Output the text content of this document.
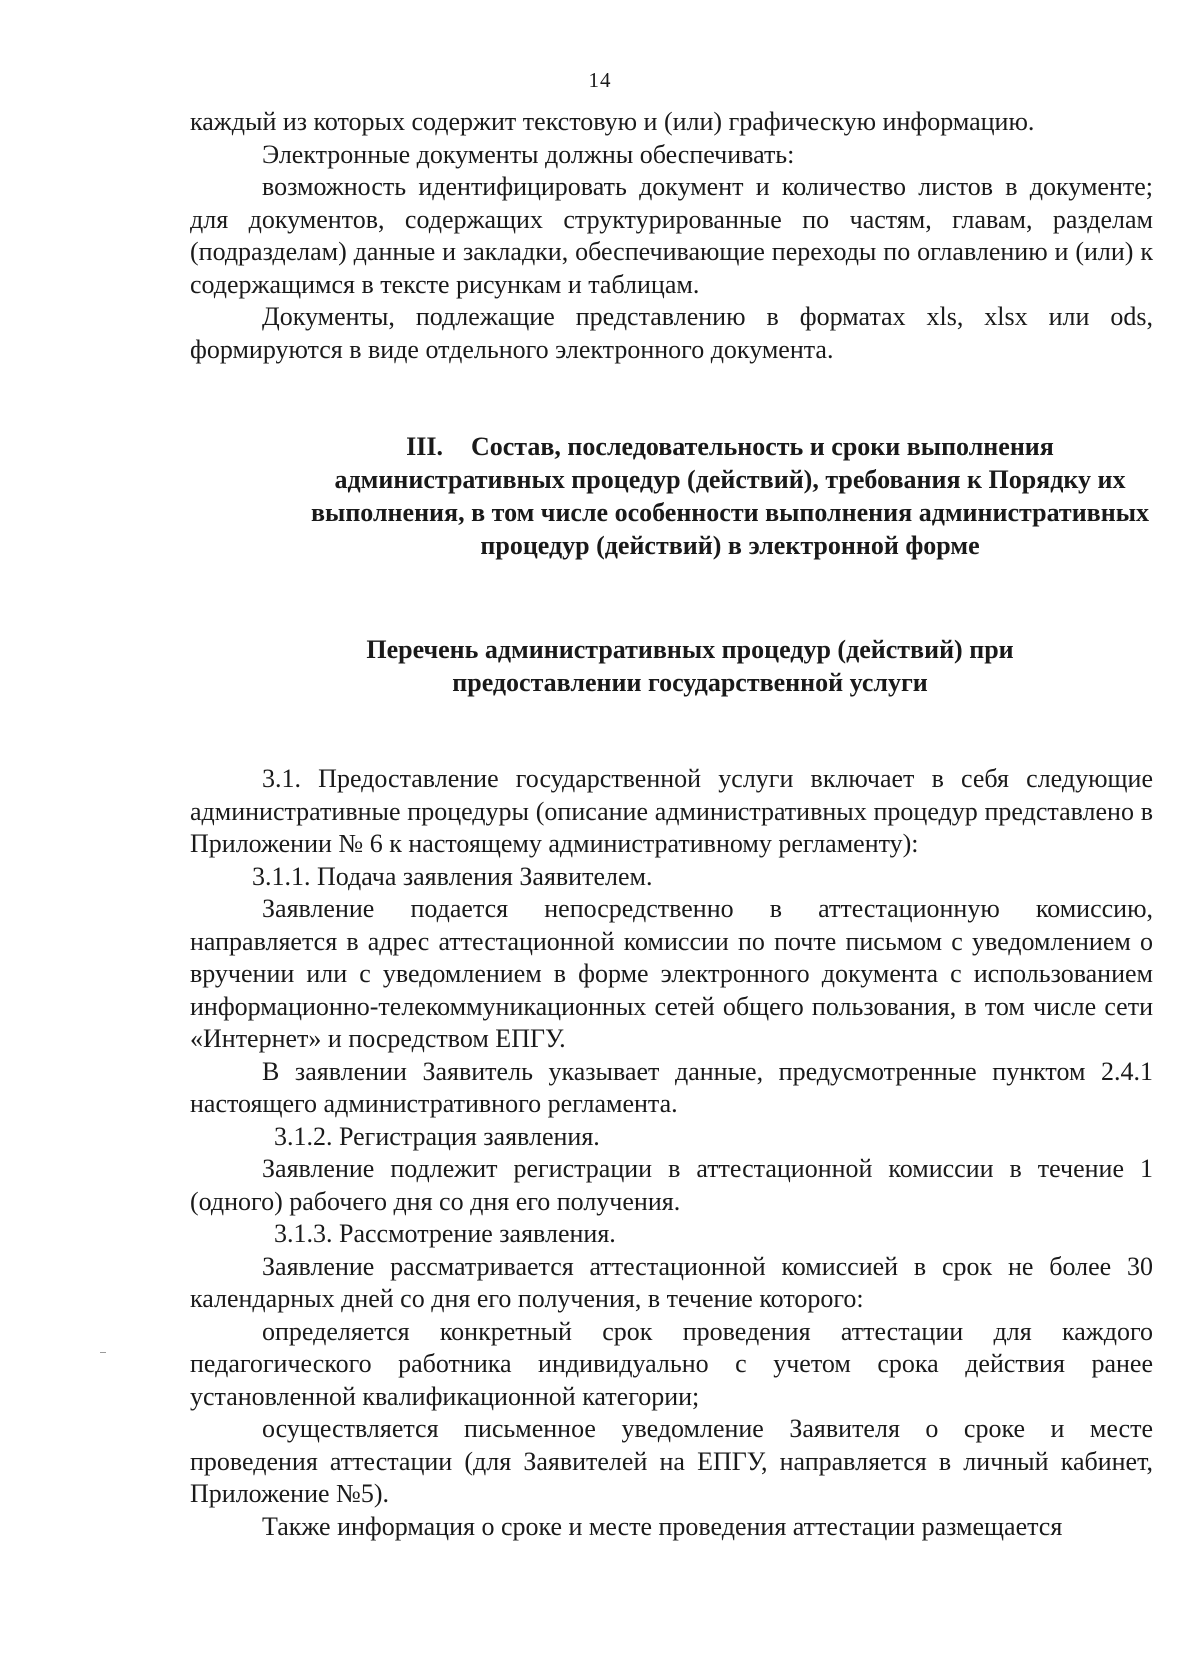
14

каждый из которых содержит текстовую и (или) графическую информацию.

Электронные документы должны обеспечивать:

возможность идентифицировать документ и количество листов в документе; для документов, содержащих структурированные по частям, главам, разделам (подразделам) данные и закладки, обеспечивающие переходы по оглавлению и (или) к содержащимся в тексте рисункам и таблицам.

Документы, подлежащие представлению в форматах xls, xlsx или ods, формируются в виде отдельного электронного документа.

III. Состав, последовательность и сроки выполнения
административных процедур (действий), требования к Порядку их выполнения, в том числе особенности выполнения административных процедур (действий) в электронной форме
Перечень административных процедур (действий) при предоставлении государственной услуги

3.1. Предоставление государственной услуги включает в себя следующие административные процедуры (описание административных процедур представлено в Приложении № 6 к настоящему административному регламенту):

3.1.1. Подача заявления Заявителем.

Заявление подается непосредственно в аттестационную комиссию, направляется в адрес аттестационной комиссии по почте письмом с уведомлением о вручении или с уведомлением в форме электронного документа с использованием информационно-телекоммуникационных сетей общего пользования, в том числе сети «Интернет» и посредством ЕПГУ.

В заявлении Заявитель указывает данные, предусмотренные пунктом 2.4.1 настоящего административного регламента.

3.1.2. Регистрация заявления.

Заявление подлежит регистрации в аттестационной комиссии в течение 1 (одного) рабочего дня со дня его получения.

3.1.3. Рассмотрение заявления.

Заявление рассматривается аттестационной комиссией в срок не более 30 календарных дней со дня его получения, в течение которого:

определяется конкретный срок проведения аттестации для каждого педагогического работника индивидуально с учетом срока действия ранее установленной квалификационной категории;

осуществляется письменное уведомление Заявителя о сроке и месте проведения аттестации (для Заявителей на ЕПГУ, направляется в личный кабинет, Приложение №5).

Также информация о сроке и месте проведения аттестации размещается
